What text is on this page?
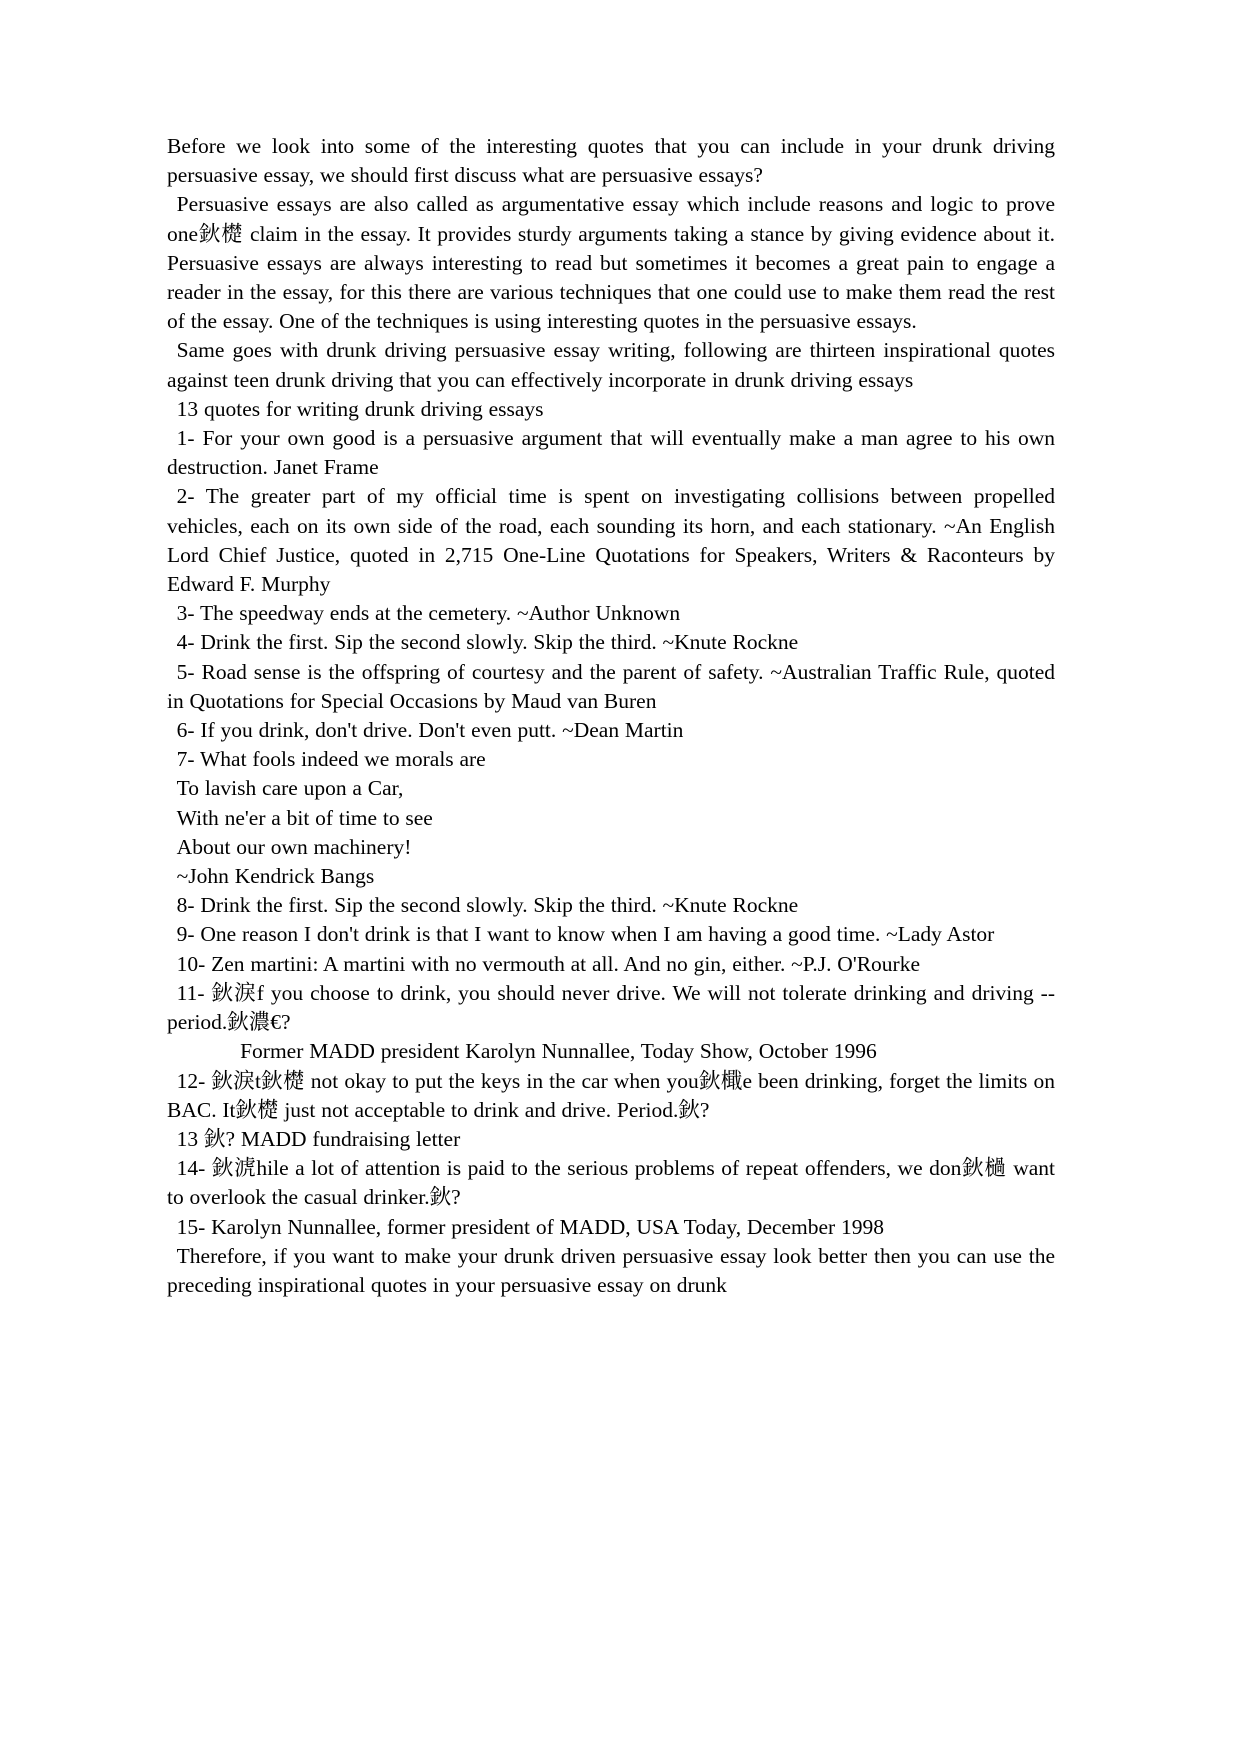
Before we look into some of the interesting quotes that you can include in your drunk driving persuasive essay, we should first discuss what are persuasive essays?

Persuasive essays are also called as argumentative essay which include reasons and logic to prove one鈥檚 claim in the essay. It provides sturdy arguments taking a stance by giving evidence about it. Persuasive essays are always interesting to read but sometimes it becomes a great pain to engage a reader in the essay, for this there are various techniques that one could use to make them read the rest of the essay. One of the techniques is using interesting quotes in the persuasive essays.

Same goes with drunk driving persuasive essay writing, following are thirteen inspirational quotes against teen drunk driving that you can effectively incorporate in drunk driving essays

13 quotes for writing drunk driving essays

1- For your own good is a persuasive argument that will eventually make a man agree to his own destruction. Janet Frame

2- The greater part of my official time is spent on investigating collisions between propelled vehicles, each on its own side of the road, each sounding its horn, and each stationary. ~An English Lord Chief Justice, quoted in 2,715 One-Line Quotations for Speakers, Writers & Raconteurs by Edward F. Murphy

3- The speedway ends at the cemetery. ~Author Unknown

4- Drink the first. Sip the second slowly. Skip the third. ~Knute Rockne

5- Road sense is the offspring of courtesy and the parent of safety. ~Australian Traffic Rule, quoted in Quotations for Special Occasions by Maud van Buren

6- If you drink, don't drive. Don't even putt. ~Dean Martin

7- What fools indeed we morals are

To lavish care upon a Car,

With ne'er a bit of time to see

About our own machinery!

~John Kendrick Bangs

8- Drink the first. Sip the second slowly. Skip the third. ~Knute Rockne

9- One reason I don't drink is that I want to know when I am having a good time. ~Lady Astor

10- Zen martini: A martini with no vermouth at all. And no gin, either. ~P.J. O'Rourke

11- 鈥淚f you choose to drink, you should never drive. We will not tolerate drinking and driving -- period.鈥濃€?

Former MADD president Karolyn Nunnallee, Today Show, October 1996

12- 鈥淚t鈥檚 not okay to put the keys in the car when you鈥檝e been drinking, forget the limits on BAC. It鈥檚 just not acceptable to drink and drive. Period.鈥?

13 鈥? MADD fundraising letter

14- 鈥淲hile a lot of attention is paid to the serious problems of repeat offenders, we don鈥檛 want to overlook the casual drinker.鈥?

15- Karolyn Nunnallee, former president of MADD, USA Today, December 1998

Therefore, if you want to make your drunk driven persuasive essay look better then you can use the preceding inspirational quotes in your persuasive essay on drunk
